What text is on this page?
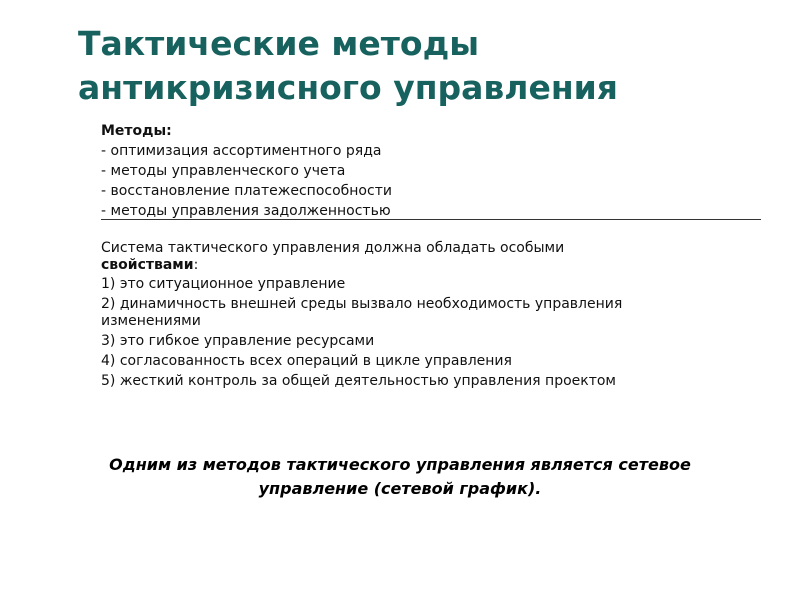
Тактические методы
антикризисного управления
Методы:
- оптимизация ассортиментного ряда
- методы управленческого учета
- восстановление платежеспособности
- методы управления задолженностью
Система тактического управления должна обладать особыми
свойствами:
1) это ситуационное управление
2) динамичность внешней среды вызвало необходимость управления
изменениями
3) это гибкое управление ресурсами
4) согласованность всех операций в цикле управления
5) жесткий контроль за общей деятельностью управления проектом
Одним из методов тактического управления является сетевое
управление (сетевой график).
